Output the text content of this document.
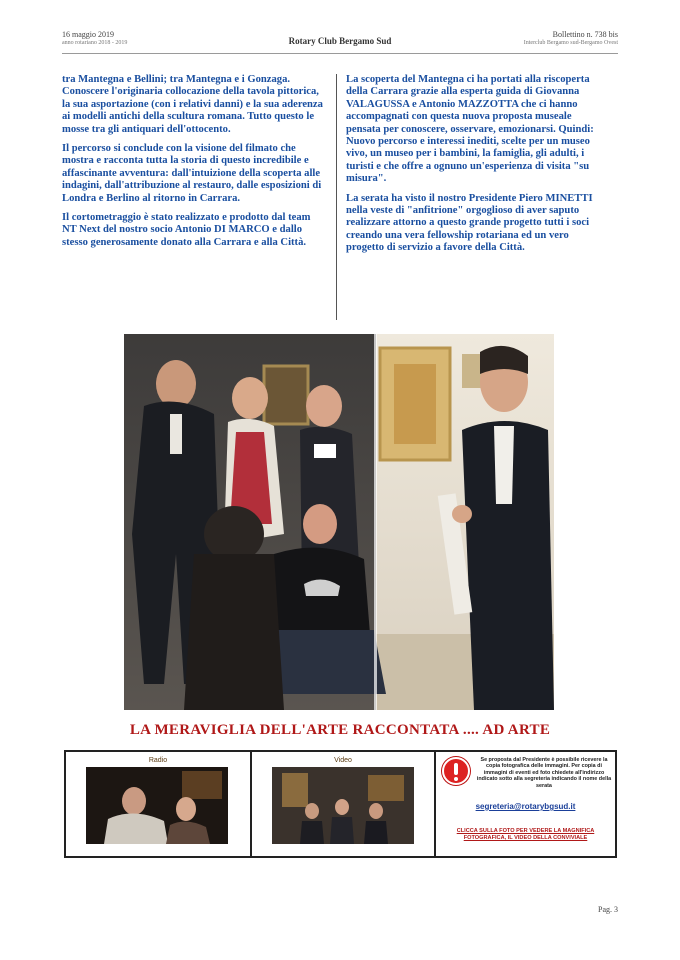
16 maggio 2019
anno rotariano 2018 - 2019	Rotary Club Bergamo Sud
Bollettino n. 738 bis
Interclub Bergamo sud-Bergamo Ovest

tra Mantegna e Bellini; tra Mantegna e i Gonzaga. Conoscere l'originaria collocazione della tavola pittorica, la sua asportazione (con i relativi danni) e la sua aderenza ai modelli antichi della scultura romana. Tutto questo le mosse tra gli antiquari dell'ottocento.

Il percorso si conclude con la visione del filmato che mostra e racconta tutta la storia di questo incredibile e affascinante avventura: dall'intuizione della scoperta alle indagini, dall'attribuzione al restauro, dalle esposizioni di Londra e Berlino al ritorno in Carrara.

Il cortometraggio è stato realizzato e prodotto dal team NT Next del nostro socio Antonio DI MARCO e dallo stesso generosamente donato alla Carrara e alla Città.

La scoperta del Mantegna ci ha portati alla riscoperta della Carrara grazie alla esperta guida di Giovanna VALAGUSSA e Antonio MAZZOTTA che ci hanno accompagnati con questa nuova proposta museale pensata per conoscere, osservare, emozionarsi. Quindi: Nuovo percorso e interessi inediti, scelte per un museo vivo, un museo per i bambini, la famiglia, gli adulti, i turisti e che offre a ognuno un'esperienza di visita "su misura".

La serata ha visto il nostro Presidente Piero MINETTI nella veste di "anfitrione" orgoglioso di aver saputo realizzare attorno a questo grande progetto tutti i soci creando una vera fellowship rotariana ed un vero progetto di servizio a favore della Città.

LA MERAVIGLIA DELL'ARTE RACCONTATA .... AD ARTE
Radio	Video	Se proposta dal Presidente è possibile ricevere la copia fotografica delle immagini. Per copia di immagini di eventi ed foto chiedete all'indirizzo indicato sotto alla segreteria indicando il nome della serata
segreteria@rotarybgsud.it
CLICCA SULLA FOTO PER VEDERE LA MAGNIFICA FOTOGRAFICA, IL VIDEO DELLA CONVIVIALE
Pag. 3
